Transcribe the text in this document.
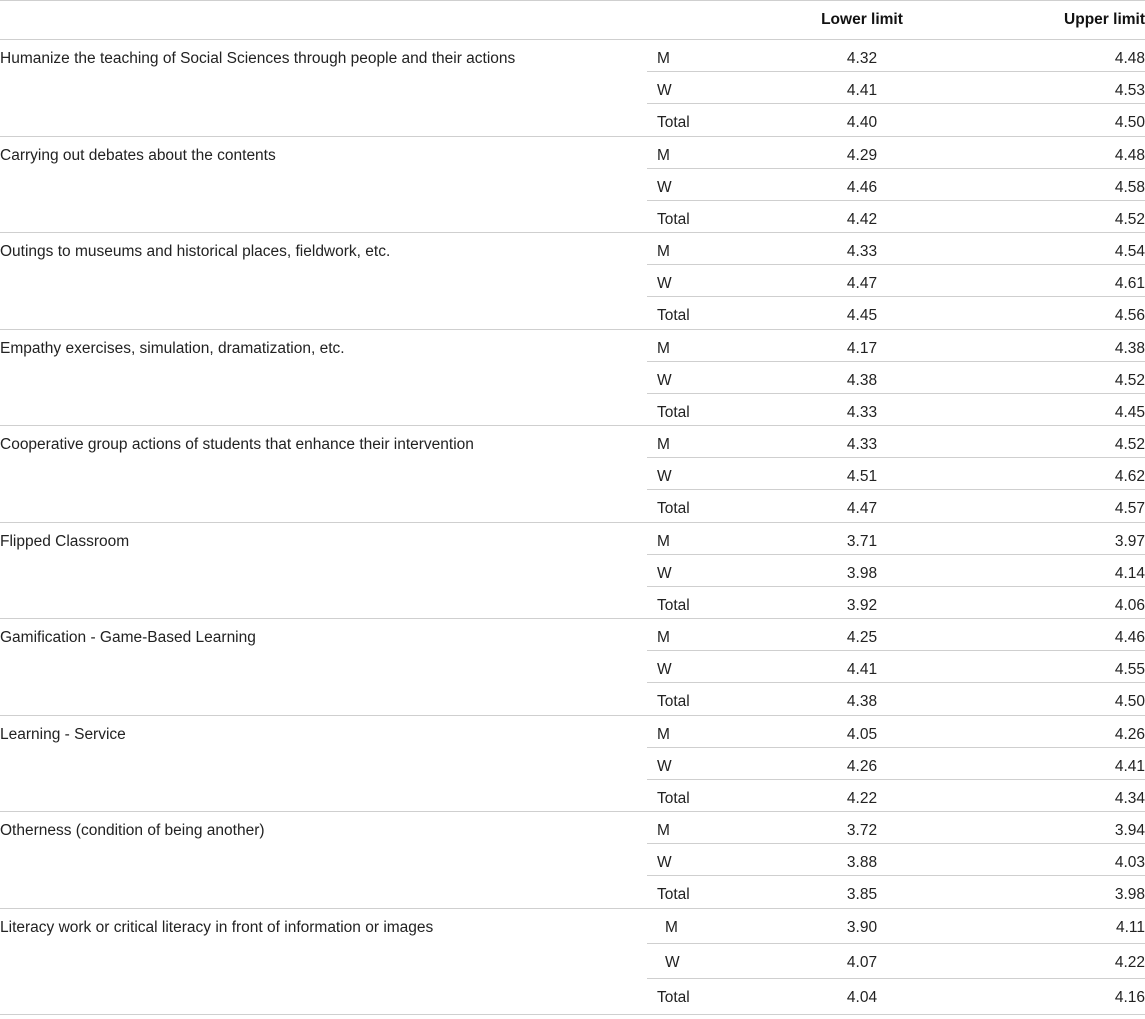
Lower limit	Upper limit
Humanize the teaching of Social Sciences through people and their actions	M	4.32	4.48
W	4.41	4.53
Total	4.40	4.50
Carrying out debates about the contents	M	4.29	4.48
W	4.46	4.58
Total	4.42	4.52
Outings to museums and historical places, fieldwork, etc.	M	4.33	4.54
W	4.47	4.61
Total	4.45	4.56
Empathy exercises, simulation, dramatization, etc.	M	4.17	4.38
W	4.38	4.52
Total	4.33	4.45
Cooperative group actions of students that enhance their intervention	M	4.33	4.52
W	4.51	4.62
Total	4.47	4.57
Flipped Classroom	M	3.71	3.97
W	3.98	4.14
Total	3.92	4.06
Gamification - Game-Based Learning	M	4.25	4.46
W	4.41	4.55
Total	4.38	4.50
Learning - Service	M	4.05	4.26
W	4.26	4.41
Total	4.22	4.34
Otherness (condition of being another)	M	3.72	3.94
W	3.88	4.03
Total	3.85	3.98
Literacy work or critical literacy in front of information or images	M	3.90	4.11
W	4.07	4.22
Total	4.04	4.16
